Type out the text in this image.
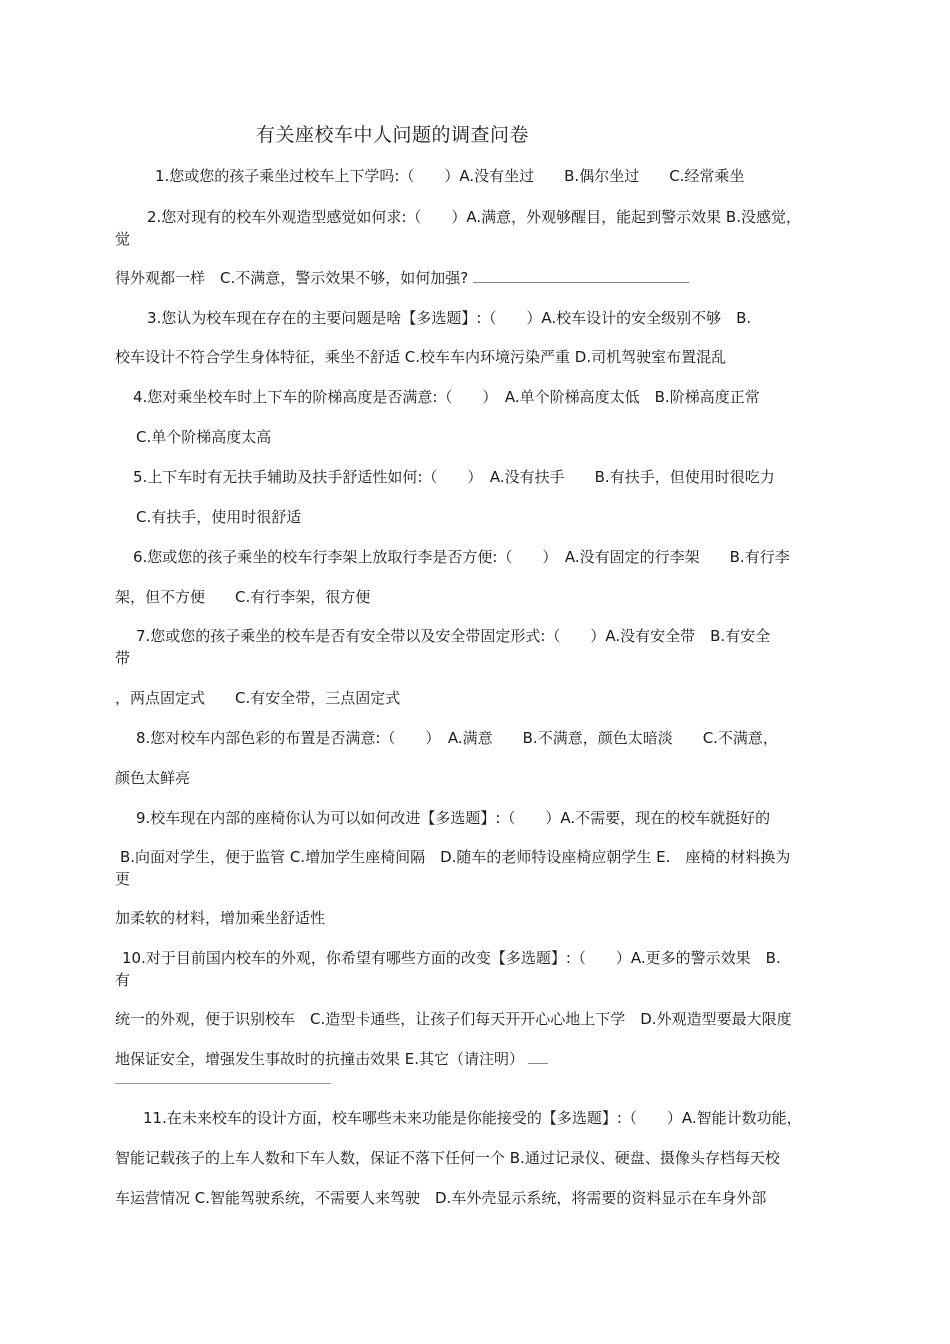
有关座校车中人问题的调查问卷
1.您或您的孩子乘坐过校车上下学吗:（　　）A.没有坐过　　B.偶尔坐过　　C.经常乘坐
2.您对现有的校车外观造型感觉如何求:（　　）A.满意，外观够醒目，能起到警示效果 B.没感觉，
觉
得外观都一样　C.不满意，警示效果不够，如何加强?
3.您认为校车现在存在的主要问题是啥【多选题】:（　　）A.校车设计的安全级别不够　B.
校车设计不符合学生身体特征，乘坐不舒适 C.校车车内环境污染严重 D.司机驾驶室布置混乱
4.您对乘坐校车时上下车的阶梯高度是否满意:（　　）　A.单个阶梯高度太低　B.阶梯高度正常
C.单个阶梯高度太高
5.上下车时有无扶手辅助及扶手舒适性如何:（　　）　A.没有扶手　　B.有扶手，但使用时很吃力
C.有扶手，使用时很舒适
6.您或您的孩子乘坐的校车行李架上放取行李是否方便:（　　）　A.没有固定的行李架　　B.有行李
架，但不方便　　C.有行李架，很方便
7.您或您的孩子乘坐的校车是否有安全带以及安全带固定形式:（　　）A.没有安全带　B.有安全
带
，两点固定式　　C.有安全带，三点固定式
8.您对校车内部色彩的布置是否满意:（　　）　A.满意　　B.不满意，颜色太暗淡　　C.不满意，
颜色太鲜亮
9.校车现在内部的座椅你认为可以如何改进【多选题】:（　　）A.不需要，现在的校车就挺好的
B.向面对学生，便于监管 C.增加学生座椅间隔　D.随车的老师特设座椅应朝学生 E.　座椅的材料换为
更
加柔软的材料，增加乘坐舒适性
10.对于目前国内校车的外观，你希望有哪些方面的改变【多选题】:（　　）A.更多的警示效果　B.
有
统一的外观，便于识别校车　C.造型卡通些，让孩子们每天开开心心地上下学　D.外观造型要最大限度
地保证安全，增强发生事故时的抗撞击效果 E.其它（请注明）
11.在未来校车的设计方面，校车哪些未来功能是你能接受的【多选题】:（　　）A.智能计数功能，
智能记载孩子的上车人数和下车人数，保证不落下任何一个 B.通过记录仪、硬盘、摄像头存档每天校
车运营情况 C.智能驾驶系统，不需要人来驾驶　D.车外壳显示系统，将需要的资料显示在车身外部
